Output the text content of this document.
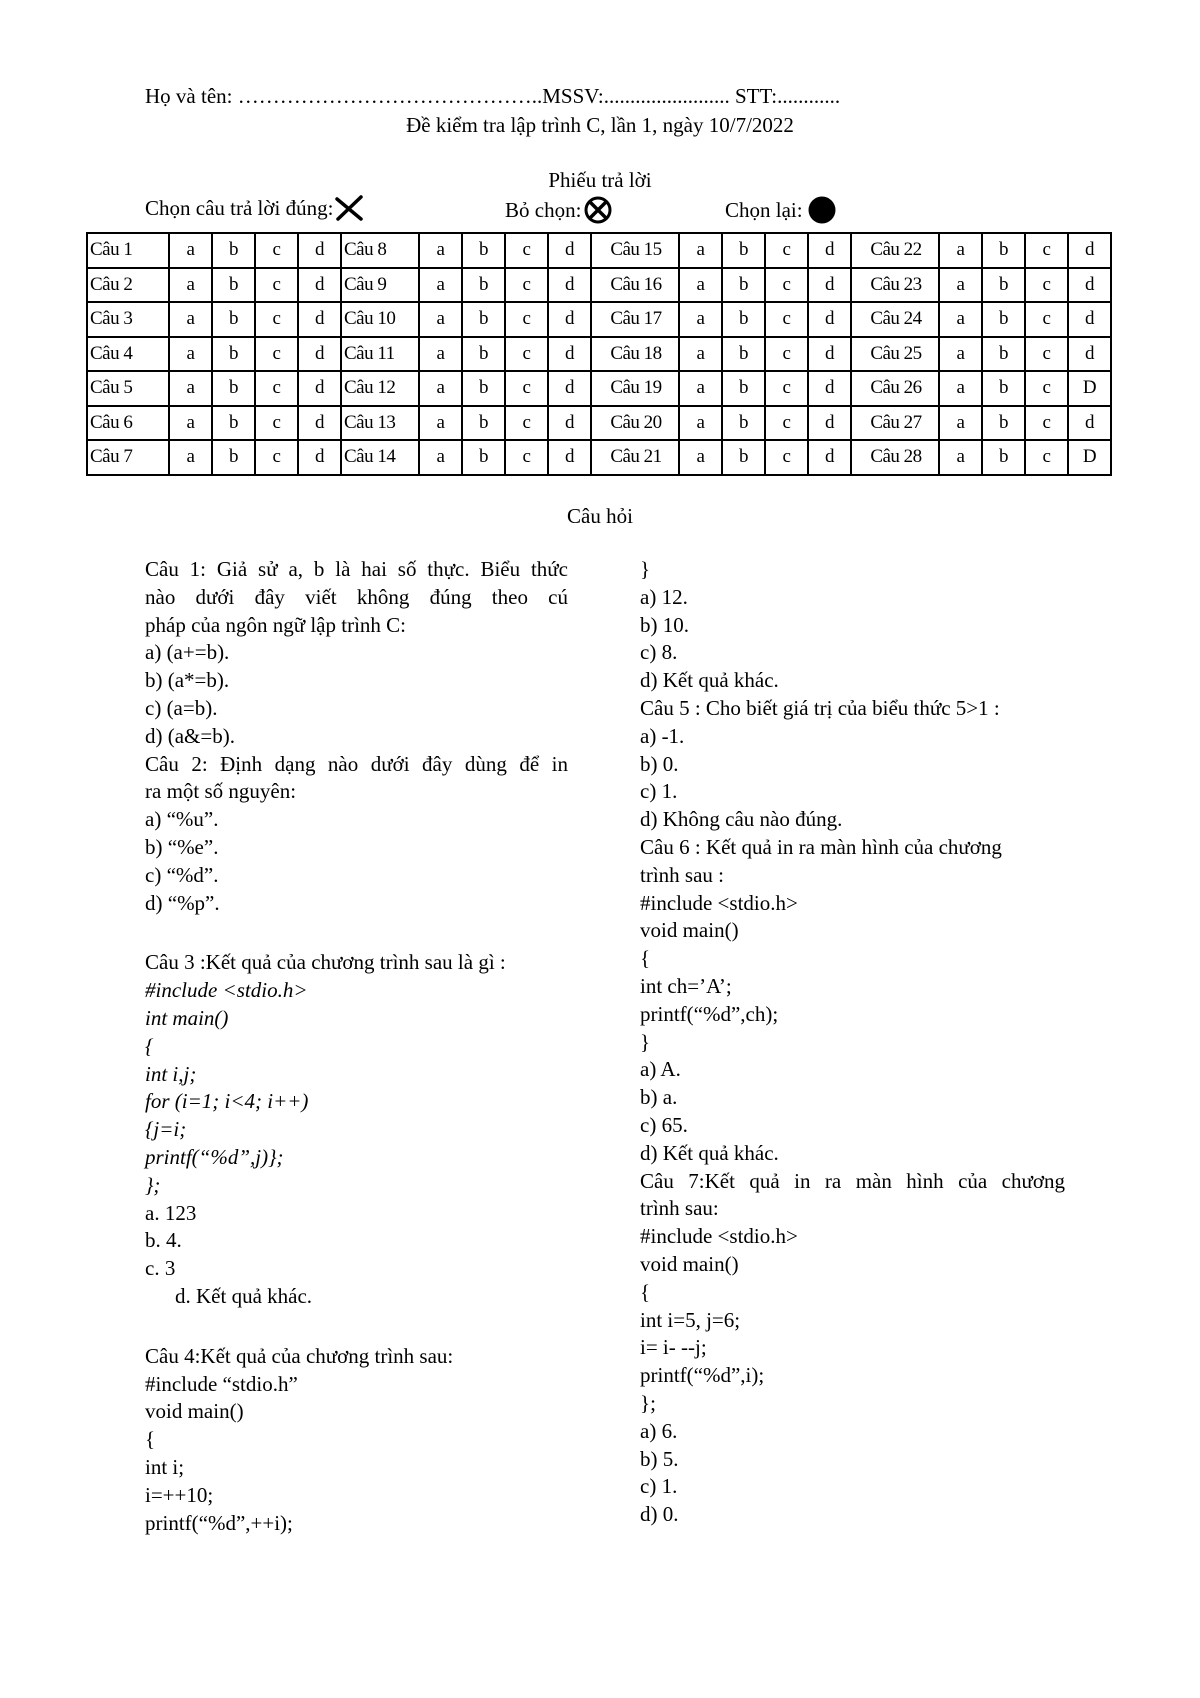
Họ và tên: ……………………………………..MSSV:........................ STT:............
Đề kiểm tra lập trình C, lần 1, ngày 10/7/2022
Phiếu trả lời
Chọn câu trả lời đúng:	Bỏ chọn:	Chọn lại:
Câu 1	a	b	c	d	Câu 8	a	b	c	d	Câu 15	a	b	c	d	Câu 22	a	b	c	d
Câu 2	a	b	c	d	Câu 9	a	b	c	d	Câu 16	a	b	c	d	Câu 23	a	b	c	d
Câu 3	a	b	c	d	Câu 10	a	b	c	d	Câu 17	a	b	c	d	Câu 24	a	b	c	d
Câu 4	a	b	c	d	Câu 11	a	b	c	d	Câu 18	a	b	c	d	Câu 25	a	b	c	d
Câu 5	a	b	c	d	Câu 12	a	b	c	d	Câu 19	a	b	c	d	Câu 26	a	b	c	D
Câu 6	a	b	c	d	Câu 13	a	b	c	d	Câu 20	a	b	c	d	Câu 27	a	b	c	d
Câu 7	a	b	c	d	Câu 14	a	b	c	d	Câu 21	a	b	c	d	Câu 28	a	b	c	D
Câu hỏi
Câu 1: Giả sử a, b là hai số thực. Biểu thức
nào dưới đây viết không đúng theo cú
pháp của ngôn ngữ lập trình C:
a) (a+=b).
b) (a*=b).
c) (a=b).
d) (a&=b).
Câu 2: Định dạng nào dưới đây dùng để in
ra một số nguyên:
a) “%u”.
b) “%e”.
c) “%d”.
d) “%p”.
Câu 3 :Kết quả của chương trình sau là gì :
#include <stdio.h>
int main()
{
int i,j;
for (i=1; i<4; i++)
{j=i;
printf(“%d”,j)};
};
a. 123
b. 4.
c. 3
d. Kết quả khác.
Câu 4:Kết quả của chương trình sau:
#include “stdio.h”
void main()
{
int i;
i=++10;
printf(“%d”,++i);
}
a) 12.
b) 10.
c) 8.
d) Kết quả khác.
Câu 5 : Cho biết giá trị của biểu thức 5>1 :
a) -1.
b) 0.
c) 1.
d) Không câu nào đúng.
Câu 6 : Kết quả in ra màn hình của chương
trình sau :
#include <stdio.h>
void main()
{
int ch=’A’;
printf(“%d”,ch);
}
a) A.
b) a.
c) 65.
d) Kết quả khác.
Câu 7:Kết quả in ra màn hình của chương
trình sau:
#include <stdio.h>
void main()
{
int i=5, j=6;
i= i- --j;
printf(“%d”,i);
};
a) 6.
b) 5.
c) 1.
d) 0.
